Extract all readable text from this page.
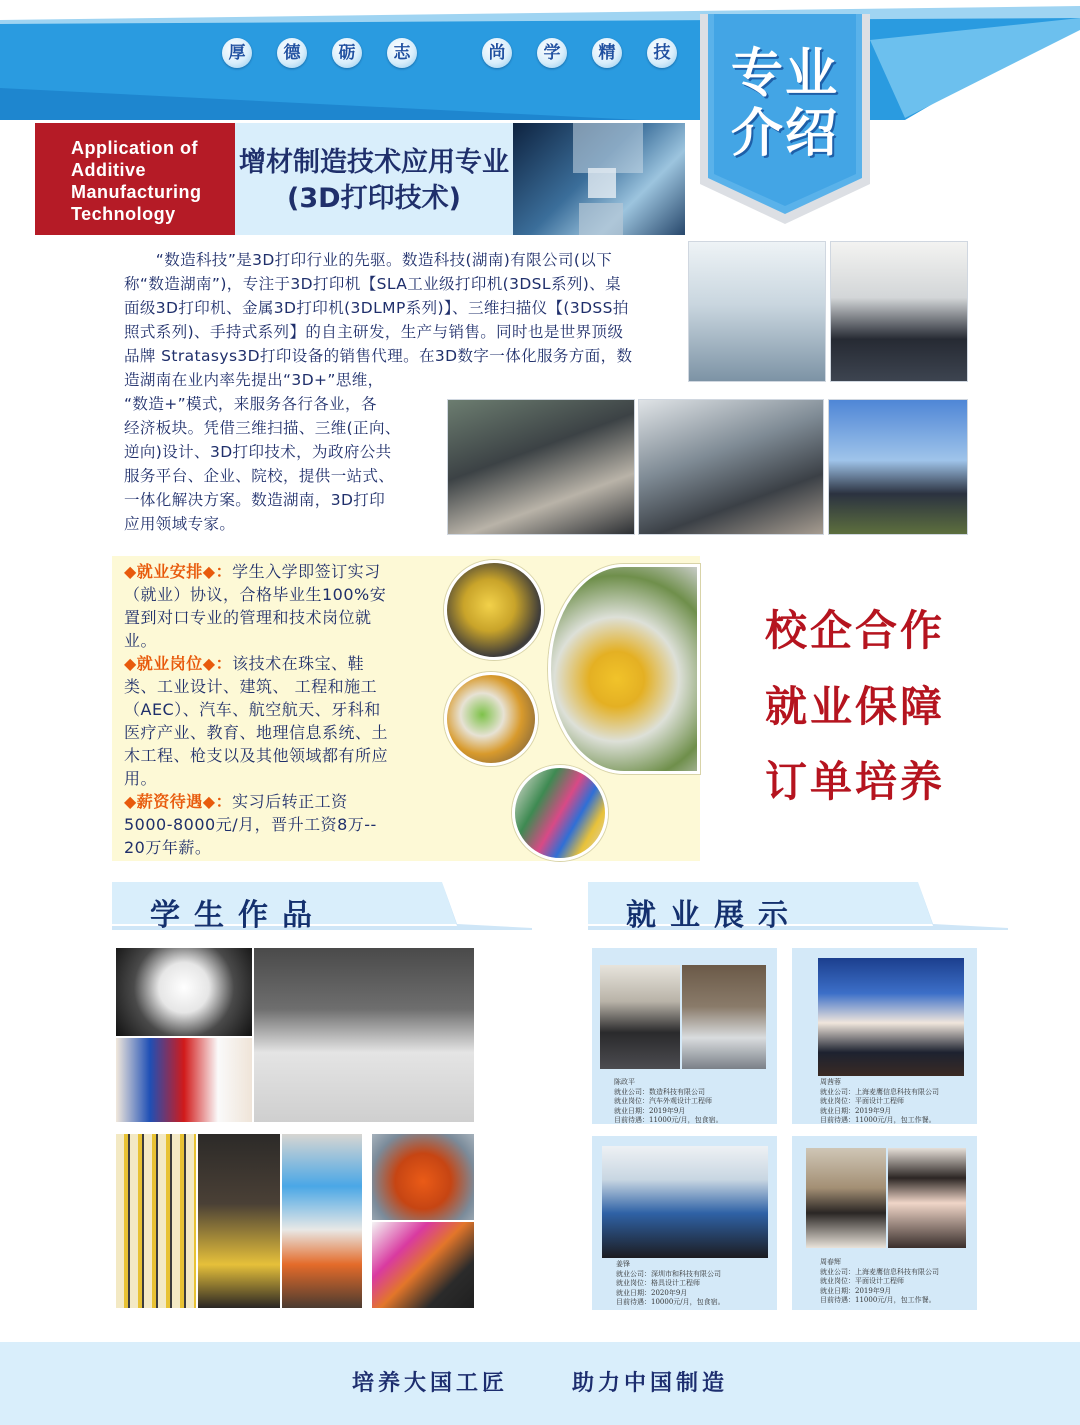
厚	德	砺	志	尚	学	精	技	专业
介绍
Application of
Additive
Manufacturing
Technology
增材制造技术应用专业
(3D打印技术)
　　“数造科技”是3D打印行业的先驱。数造科技(湖南)有限公司(以下
称“数造湖南”)，专注于3D打印机【SLA工业级打印机(3DSL系列)、桌
面级3D打印机、金属3D打印机(3DLMP系列)】、三维扫描仪【(3DSS拍
照式系列)、手持式系列】的自主研发，生产与销售。同时也是世界顶级
品牌 Stratasys3D打印设备的销售代理。在3D数字一体化服务方面，数
造湖南在业内率先提出“3D+”思维，
“数造+”模式，来服务各行各业，各
经济板块。凭借三维扫描、三维(正向、
逆向)设计、3D打印技术，为政府公共
服务平台、企业、院校，提供一站式、
一体化解决方案。数造湖南，3D打印
应用领域专家。
◆就业安排◆：学生入学即签订实习
（就业）协议，合格毕业生100%安
置到对口专业的管理和技术岗位就
业。
◆就业岗位◆：该技术在珠宝、鞋
类、工业设计、建筑、 工程和施工
（AEC）、汽车、航空航天、牙科和
医疗产业、教育、地理信息系统、土
木工程、枪支以及其他领域都有所应
用。
◆薪资待遇◆：实习后转正工资
5000-8000元/月，晋升工资8万--
20万年薪。
校企合作
就业保障
订单培养
学生作品	就业展示
陈政平
就业公司：数造科技有限公司
就业岗位：汽车外观设计工程师
就业日期：2019年9月
目前待遇：11000元/月，包食宿。
周茜蓉
就业公司：上海麦鹰信息科技有限公司
就业岗位：平面设计工程师
就业日期：2019年9月
目前待遇：11000元/月，包工作餐。
姜锋
就业公司：深圳市和科技有限公司
就业岗位：格具设计工程师
就业日期：2020年9月
目前待遇：10000元/月，包食宿。
周春辉
就业公司：上海麦鹰信息科技有限公司
就业岗位：平面设计工程师
就业日期：2019年9月
目前待遇：11000元/月，包工作餐。
培养大国工匠	助力中国制造
